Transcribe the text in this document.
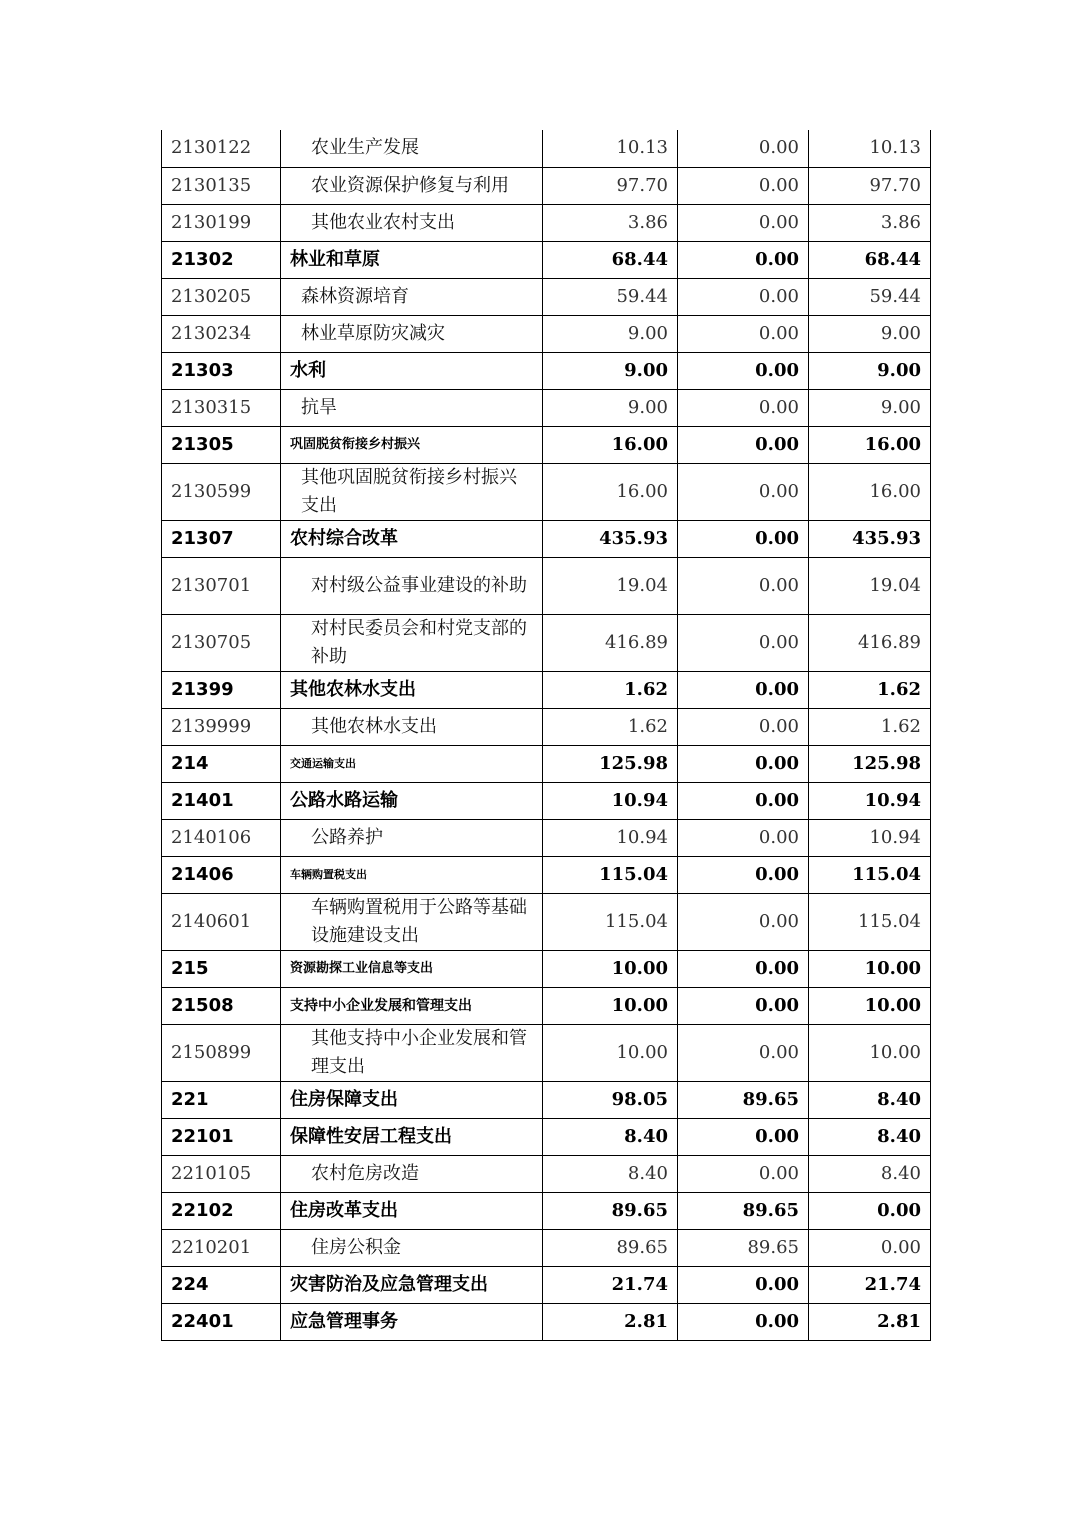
2130122	农业生产发展	10.13	0.00	10.13
2130135	农业资源保护修复与利用	97.70	0.00	97.70
2130199	其他农业农村支出	3.86	0.00	3.86
21302	林业和草原	68.44	0.00	68.44
2130205	森林资源培育	59.44	0.00	59.44
2130234	林业草原防灾减灾	9.00	0.00	9.00
21303	水利	9.00	0.00	9.00
2130315	抗旱	9.00	0.00	9.00
21305	巩固脱贫衔接乡村振兴	16.00	0.00	16.00
2130599	其他巩固脱贫衔接乡村振兴支出	16.00	0.00	16.00
21307	农村综合改革	435.93	0.00	435.93
2130701	对村级公益事业建设的补助	19.04	0.00	19.04
2130705	对村民委员会和村党支部的补助	416.89	0.00	416.89
21399	其他农林水支出	1.62	0.00	1.62
2139999	其他农林水支出	1.62	0.00	1.62
214	交通运输支出	125.98	0.00	125.98
21401	公路水路运输	10.94	0.00	10.94
2140106	公路养护	10.94	0.00	10.94
21406	车辆购置税支出	115.04	0.00	115.04
2140601	车辆购置税用于公路等基础设施建设支出	115.04	0.00	115.04
215	资源勘探工业信息等支出	10.00	0.00	10.00
21508	支持中小企业发展和管理支出	10.00	0.00	10.00
2150899	其他支持中小企业发展和管理支出	10.00	0.00	10.00
221	住房保障支出	98.05	89.65	8.40
22101	保障性安居工程支出	8.40	0.00	8.40
2210105	农村危房改造	8.40	0.00	8.40
22102	住房改革支出	89.65	89.65	0.00
2210201	住房公积金	89.65	89.65	0.00
224	灾害防治及应急管理支出	21.74	0.00	21.74
22401	应急管理事务	2.81	0.00	2.81
